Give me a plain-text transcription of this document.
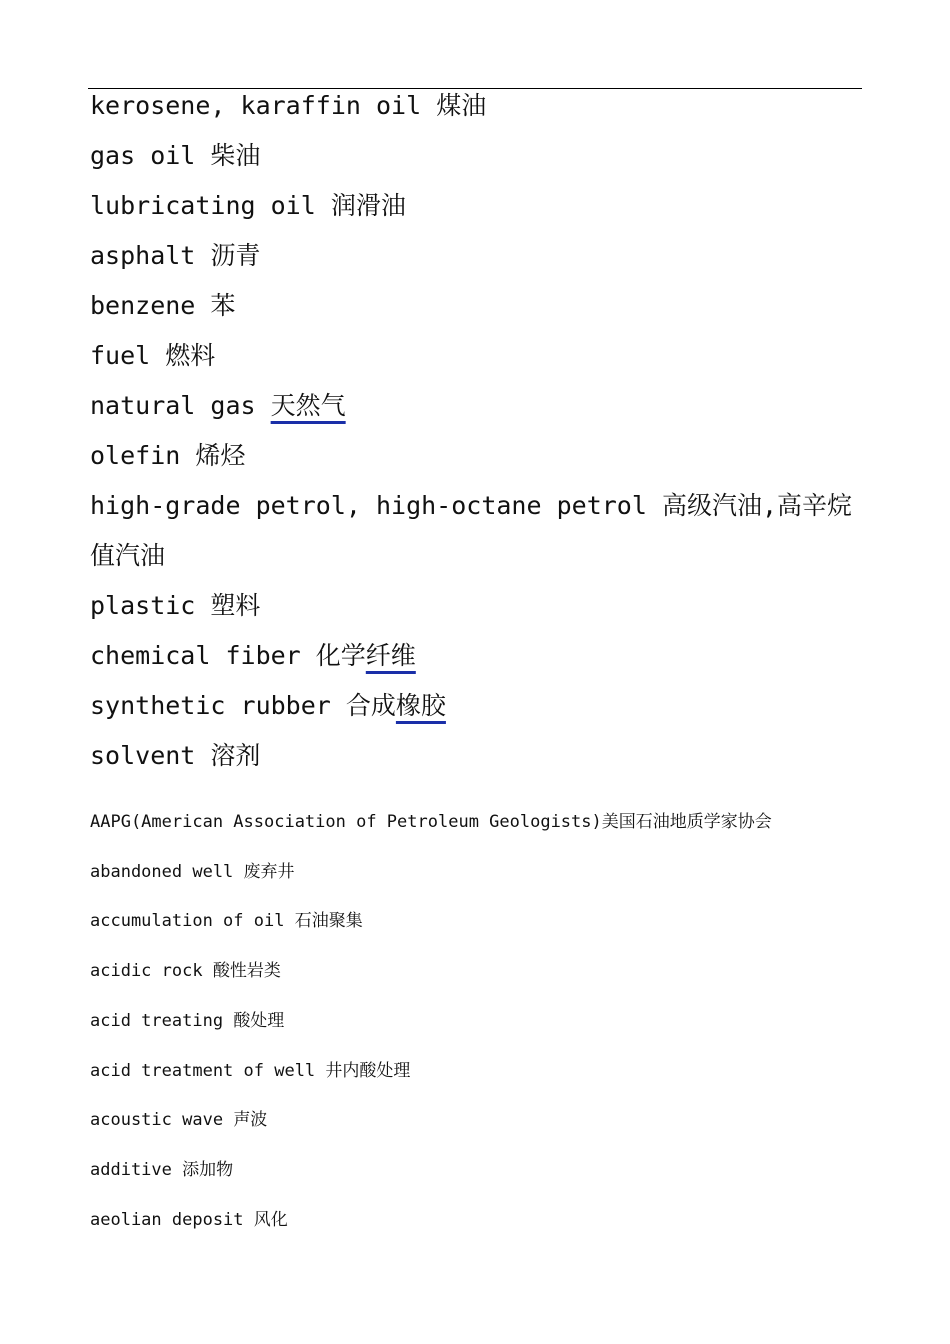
kerosene, karaffin oil 煤油
gas oil 柴油
lubricating oil 润滑油
asphalt 沥青
benzene 苯
fuel 燃料
natural gas 天然气
olefin 烯烃
high-grade petrol, high-octane petrol 高级汽油,高辛烷
值汽油
plastic 塑料
chemical fiber 化学纤维
synthetic rubber 合成橡胶
solvent 溶剂
AAPG(American Association of Petroleum Geologists)美国石油地质学家协会
abandoned well 废弃井
accumulation of oil 石油聚集
acidic rock 酸性岩类
acid treating 酸处理
acid treatment of well 井内酸处理
acoustic wave 声波
additive 添加物
aeolian deposit 风化
